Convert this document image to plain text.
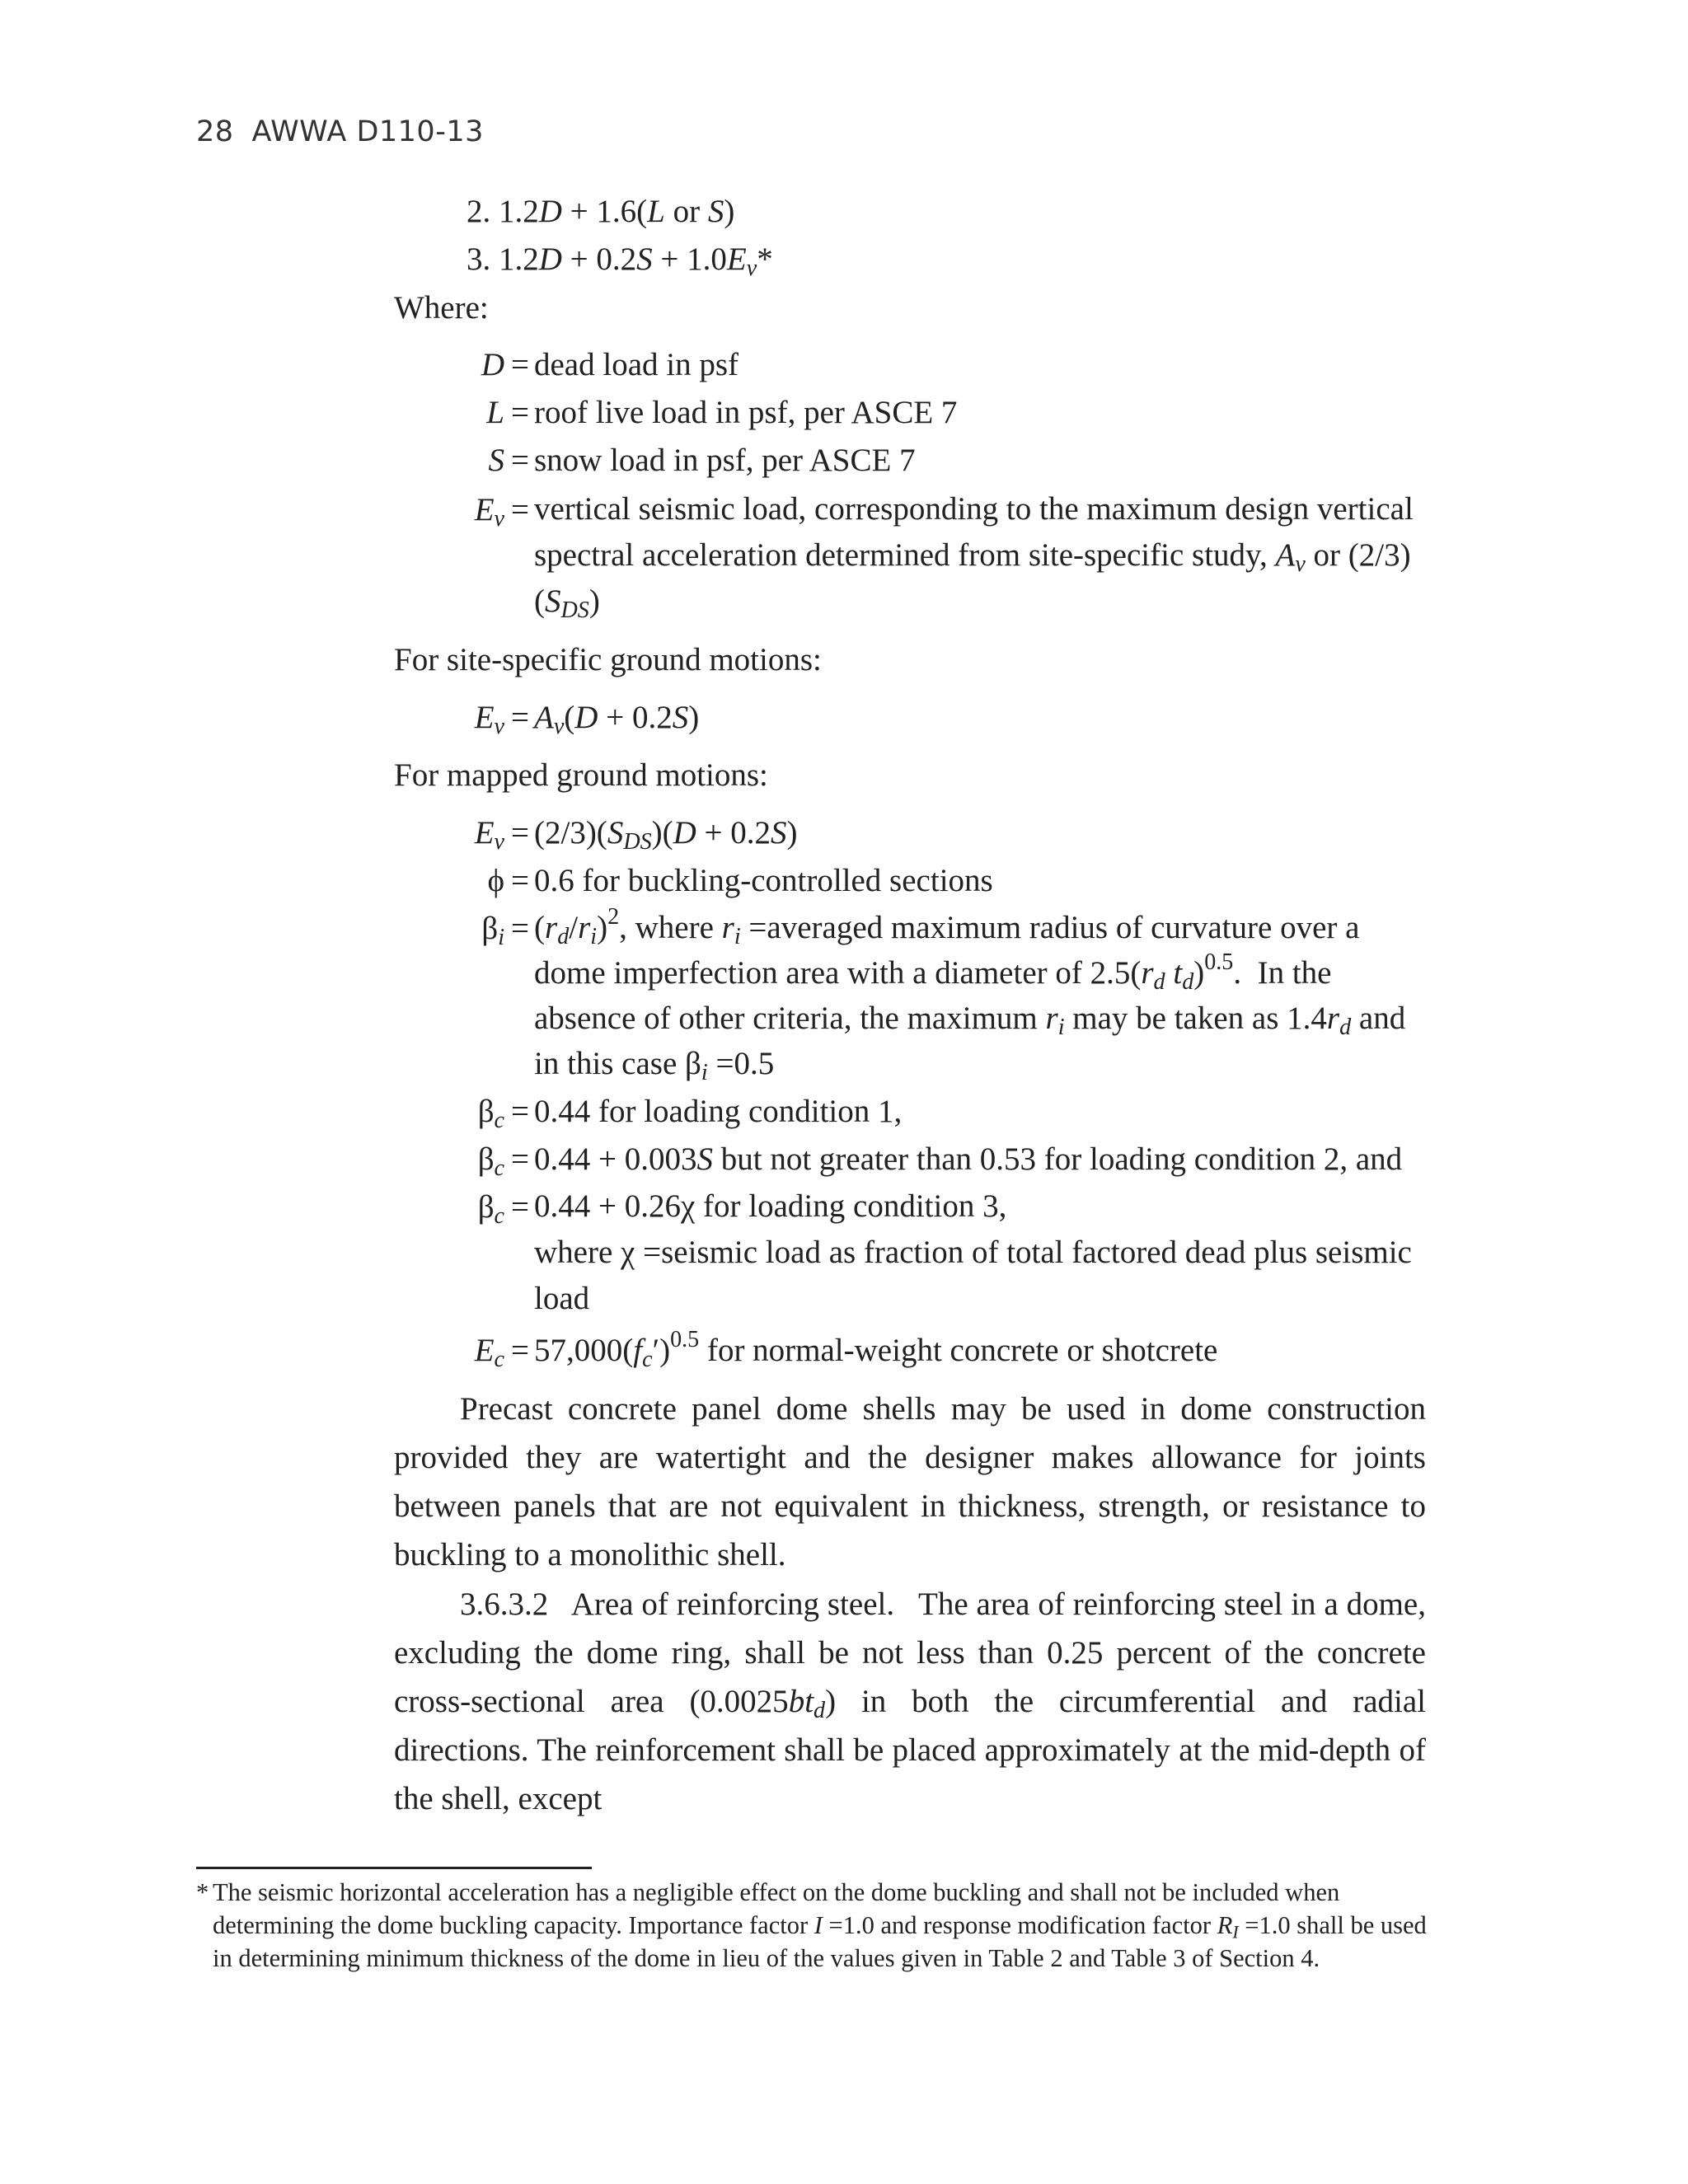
28 AWWA D110-13
2. 1.2D + 1.6(L or S)
3. $1.2D + 0.2S + 1.0E_v*$
Where:
D = dead load in psf
L = roof live load in psf, per ASCE 7
S = snow load in psf, per ASCE 7
$E_v$ = vertical seismic load, corresponding to the maximum design vertical spectral acceleration determined from site-specific study, $A_v$ or $(2/3)(S_{DS})$
For site-specific ground motions:
$E_v = A_v(D + 0.2S)$
For mapped ground motions:
$E_v = (2/3)(S_{DS})(D + 0.2S)$
ϕ = 0.6 for buckling-controlled sections
$\beta_i = (r_d/r_i)^2$, where $r_i$ =averaged maximum radius of curvature over a dome imperfection area with a diameter of $2.5(r_d$ $t_d)^{0.5}$.  In the absence of other criteria, the maximum $r_i$ may be taken as $1.4r_d$ and in this case $\beta_i =0.5$
$\beta_c = 0.44$ for loading condition 1,
$\beta_c = 0.44 + 0.003S$ but not greater than 0.53 for loading condition 2, and
$\beta_c = 0.44 + 0.26\chi$ for loading condition 3,
where χ =seismic load as fraction of total factored dead plus seismic load
$E_c = 57,000(f_c')^{0.5}$ for normal-weight concrete or shotcrete
Precast concrete panel dome shells may be used in dome construction provided they are watertight and the designer makes allowance for joints between panels that are not equivalent in thickness, strength, or resistance to buckling to a monolithic shell.
3.6.3.2   Area of reinforcing steel.   The area of reinforcing steel in a dome, excluding the dome ring, shall be not less than 0.25 percent of the concrete cross-sectional area $(0.0025bt_d)$ in both the circumferential and radial directions. The reinforcement shall be placed approximately at the mid-depth of the shell, except
* The seismic horizontal acceleration has a negligible effect on the dome buckling and shall not be included when determining the dome buckling capacity. Importance factor I =1.0 and response modification factor $R_I =1.0$ shall be used in determining minimum thickness of the dome in lieu of the values given in Table 2 and Table 3 of Section 4.
